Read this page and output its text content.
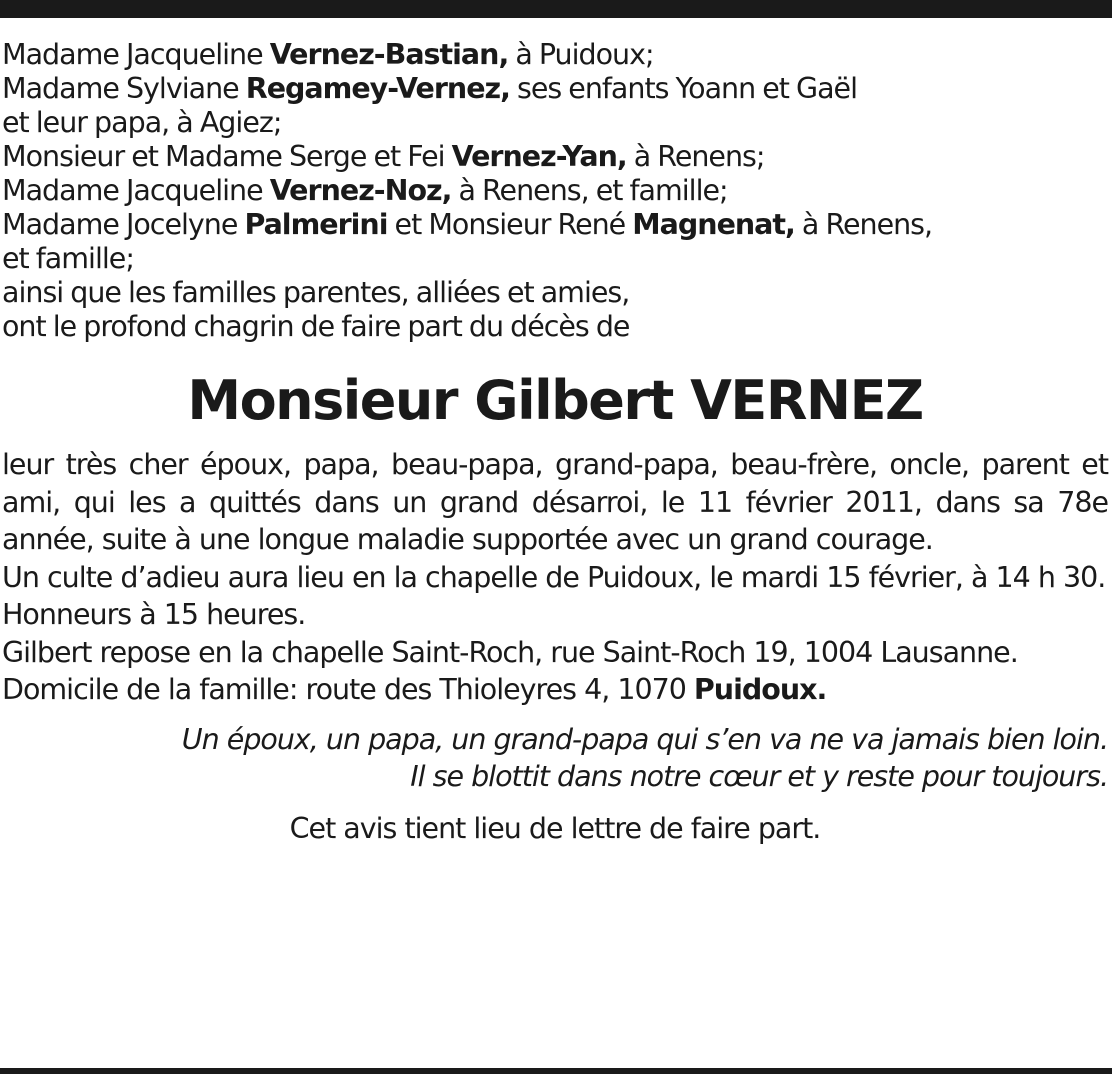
Madame Jacqueline Vernez-Bastian, à Puidoux;
Madame Sylviane Regamey-Vernez, ses enfants Yoann et Gaël
et leur papa, à Agiez;
Monsieur et Madame Serge et Fei Vernez-Yan, à Renens;
Madame Jacqueline Vernez-Noz, à Renens, et famille;
Madame Jocelyne Palmerini et Monsieur René Magnenat, à Renens,
et famille;
ainsi que les familles parentes, alliées et amies,
ont le profond chagrin de faire part du décès de
Monsieur Gilbert VERNEZ

leur très cher époux, papa, beau-papa, grand-papa, beau-frère, oncle, parent et ami, qui les a quittés dans un grand désarroi, le 11 février 2011, dans sa 78e année, suite à une longue maladie supportée avec un grand courage.

Un culte d’adieu aura lieu en la chapelle de Puidoux, le mardi 15 février, à 14 h 30.

Honneurs à 15 heures.

Gilbert repose en la chapelle Saint-Roch, rue Saint-Roch 19, 1004 Lausanne.

Domicile de la famille: route des Thioleyres 4, 1070 Puidoux.

Un époux, un papa, un grand-papa qui s’en va ne va jamais bien loin.
Il se blottit dans notre cœur et y reste pour toujours.
Cet avis tient lieu de lettre de faire part.
